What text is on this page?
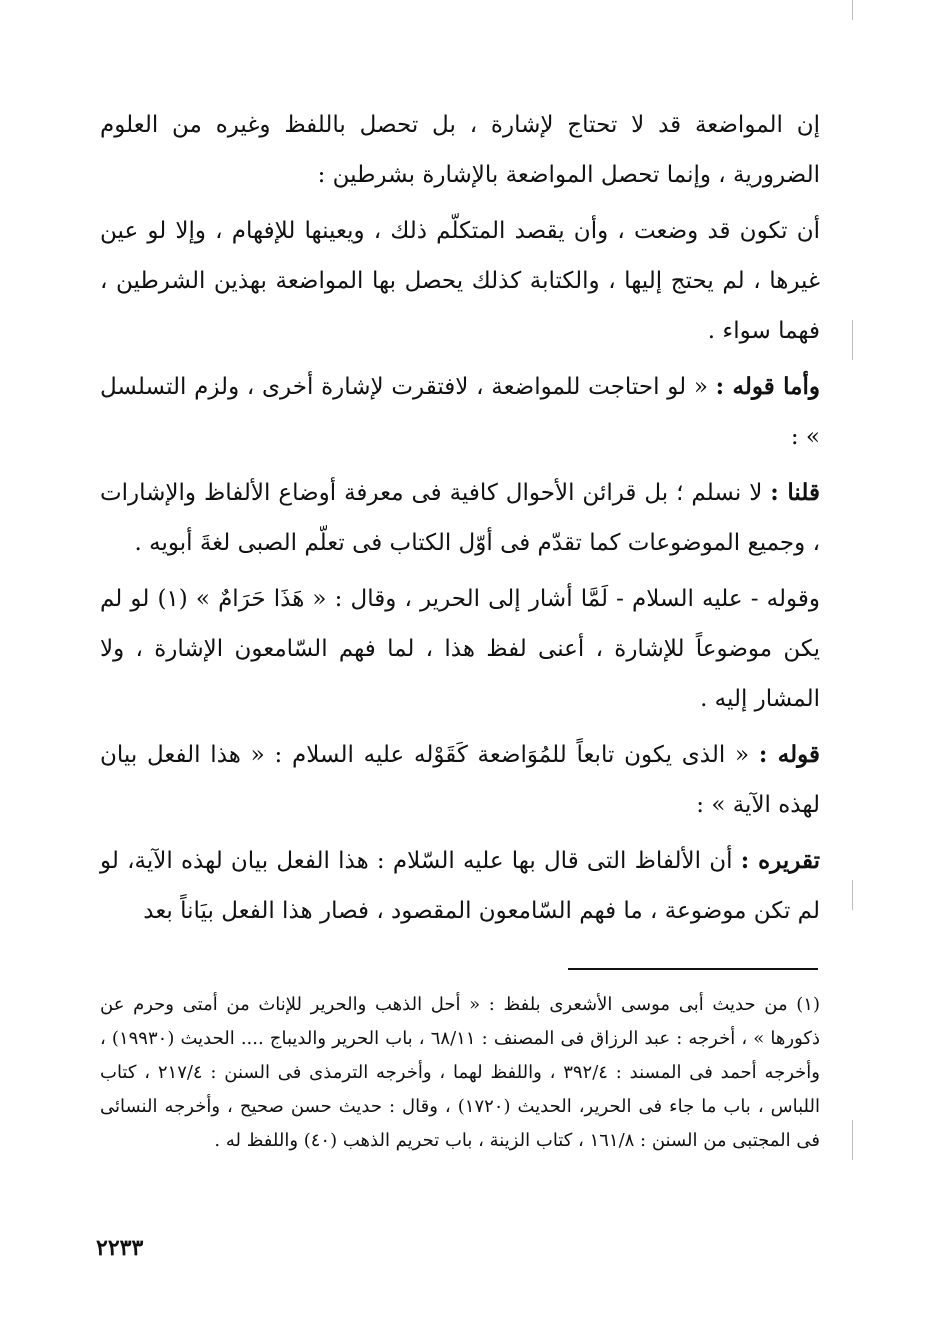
إن المواضعة قد لا تحتاج لإشارة ، بل تحصل باللفظ وغيره من العلوم الضرورية ، وإنما تحصل المواضعة بالإشارة بشرطين :

أن تكون قد وضعت ، وأن يقصد المتكلّم ذلك ، ويعينها للإفهام ، وإلا لو عين غيرها ، لم يحتج إليها ، والكتابة كذلك يحصل بها المواضعة بهذين الشرطين ، فهما سواء .

وأما قوله : « لو احتاجت للمواضعة ، لافتقرت لإشارة أخرى ، ولزم التسلسل » :

قلنا : لا نسلم ؛ بل قرائن الأحوال كافية فى معرفة أوضاع الألفاظ والإشارات ، وجميع الموضوعات كما تقدّم فى أوّل الكتاب فى تعلّم الصبى لغةَ أبويه .

وقوله - عليه السلام - لَمَّا أشار إلى الحرير ، وقال : « هَذَا حَرَامٌ » (١) لو لم يكن موضوعاً للإشارة ، أعنى لفظ هذا ، لما فهم السّامعون الإشارة ، ولا المشار إليه .

قوله : « الذى يكون تابعاً للمُوَاضعة كَقَوْله عليه السلام : « هذا الفعل بيان لهذه الآية » :

تقريره : أن الألفاظ التى قال بها عليه السّلام : هذا الفعل بيان لهذه الآية، لو لم تكن موضوعة ، ما فهم السّامعون المقصود ، فصار هذا الفعل بيَاناً بعد

(١) من حديث أبى موسى الأشعرى بلفظ : « أحل الذهب والحرير للإناث من أمتى وحرم عن ذكورها » ، أخرجه : عبد الرزاق فى المصنف : ٦٨/١١ ، باب الحرير والديباج .... الحديث (١٩٩٣٠) ، وأخرجه أحمد فى المسند : ٣٩٢/٤ ، واللفظ لهما ، وأخرجه الترمذى فى السنن : ٢١٧/٤ ، كتاب اللباس ، باب ما جاء فى الحرير، الحديث (١٧٢٠) ، وقال : حديث حسن صحيح ، وأخرجه النسائى فى المجتبى من السنن : ١٦١/٨ ، كتاب الزينة ، باب تحريم الذهب (٤٠) واللفظ له .

٢٢٣٣
